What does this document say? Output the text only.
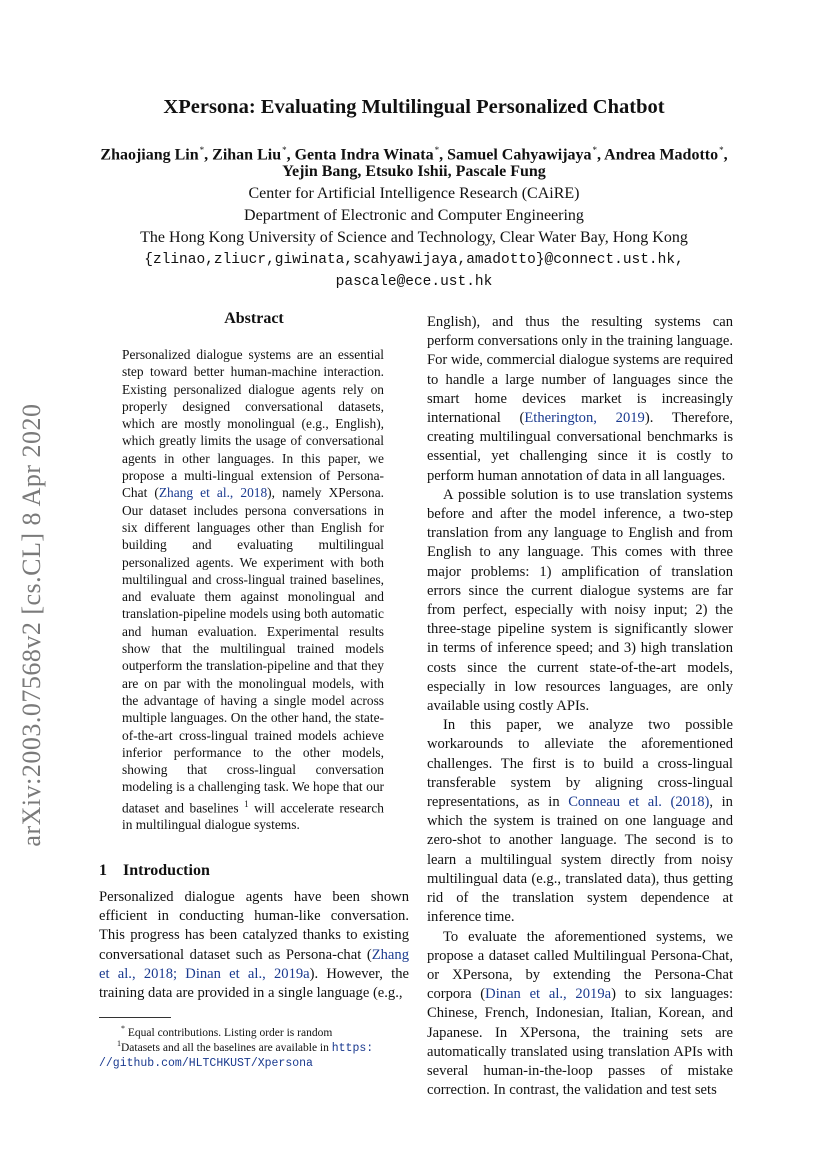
arXiv:2003.07568v2 [cs.CL] 8 Apr 2020
XPersona: Evaluating Multilingual Personalized Chatbot
Zhaojiang Lin*, Zihan Liu*, Genta Indra Winata*, Samuel Cahyawijaya*, Andrea Madotto*,
Yejin Bang, Etsuko Ishii, Pascale Fung
Center for Artificial Intelligence Research (CAiRE)
Department of Electronic and Computer Engineering
The Hong Kong University of Science and Technology, Clear Water Bay, Hong Kong
{zlinao,zliucr,giwinata,scahyawijaya,amadotto}@connect.ust.hk,
pascale@ece.ust.hk
Abstract
Personalized dialogue systems are an essential step toward better human-machine interaction. Existing personalized dialogue agents rely on properly designed conversational datasets, which are mostly monolingual (e.g., English), which greatly limits the usage of conversational agents in other languages. In this paper, we propose a multi-lingual extension of Persona-Chat (Zhang et al., 2018), namely XPersona. Our dataset includes persona conversations in six different languages other than English for building and evaluating multilingual personalized agents. We experiment with both multilingual and cross-lingual trained baselines, and evaluate them against monolingual and translation-pipeline models using both automatic and human evaluation. Experimental results show that the multilingual trained models outperform the translation-pipeline and that they are on par with the monolingual models, with the advantage of having a single model across multiple languages. On the other hand, the state-of-the-art cross-lingual trained models achieve inferior performance to the other models, showing that cross-lingual conversation modeling is a challenging task. We hope that our dataset and baselines $^1$ will accelerate research in multilingual dialogue systems.
1 Introduction
Personalized dialogue agents have been shown efficient in conducting human-like conversation. This progress has been catalyzed thanks to existing conversational dataset such as Persona-chat (Zhang et al., 2018; Dinan et al., 2019a). However, the training data are provided in a single language (e.g.,
* Equal contributions. Listing order is random
$^1$Datasets and all the baselines are available in https:
//github.com/HLTCHKUST/Xpersona

English), and thus the resulting systems can perform conversations only in the training language. For wide, commercial dialogue systems are required to handle a large number of languages since the smart home devices market is increasingly international (Etherington, 2019). Therefore, creating multilingual conversational benchmarks is essential, yet challenging since it is costly to perform human annotation of data in all languages.

A possible solution is to use translation systems before and after the model inference, a two-step translation from any language to English and from English to any language. This comes with three major problems: 1) amplification of translation errors since the current dialogue systems are far from perfect, especially with noisy input; 2) the three-stage pipeline system is significantly slower in terms of inference speed; and 3) high translation costs since the current state-of-the-art models, especially in low resources languages, are only available using costly APIs.

In this paper, we analyze two possible workarounds to alleviate the aforementioned challenges. The first is to build a cross-lingual transferable system by aligning cross-lingual representations, as in Conneau et al. (2018), in which the system is trained on one language and zero-shot to another language. The second is to learn a multilingual system directly from noisy multilingual data (e.g., translated data), thus getting rid of the translation system dependence at inference time.

To evaluate the aforementioned systems, we propose a dataset called Multilingual Persona-Chat, or XPersona, by extending the Persona-Chat corpora (Dinan et al., 2019a) to six languages: Chinese, French, Indonesian, Italian, Korean, and Japanese. In XPersona, the training sets are automatically translated using translation APIs with several human-in-the-loop passes of mistake correction. In contrast, the validation and test sets
